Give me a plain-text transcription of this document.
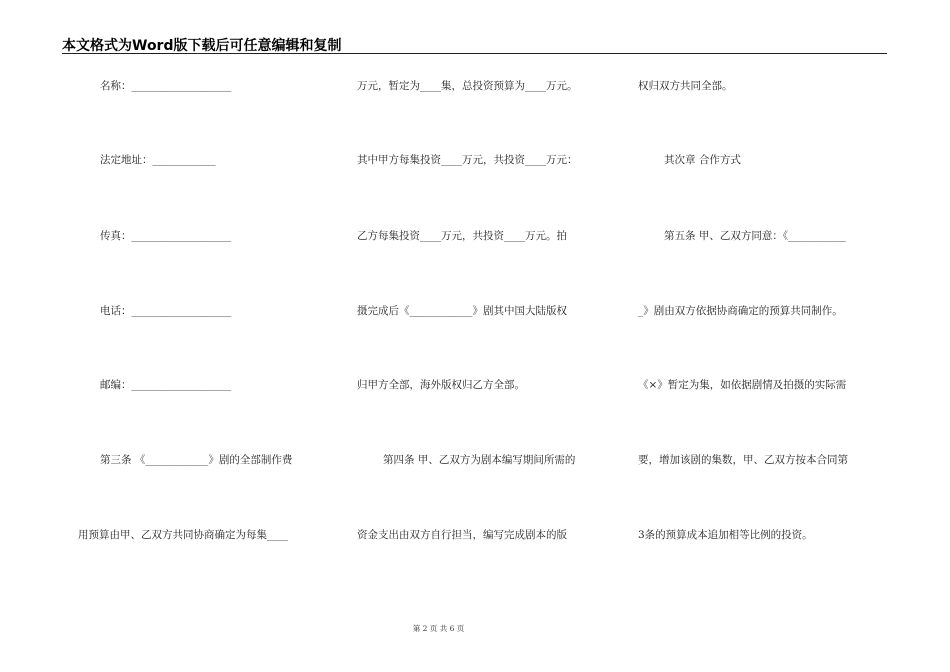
本文格式为Word版下载后可任意编辑和复制
名称：___________________
法定地址：____________
传真：___________________
电话：___________________
邮编：___________________
第三条 《____________》剧的全部制作费
用预算由甲、乙双方共同协商确定为每集____
万元，暂定为____集，总投资预算为____万元。
其中甲方每集投资____万元，共投资____万元：
乙方每集投资____万元，共投资____万元。拍
摄完成后《____________》剧其中国大陆版权
归甲方全部，海外版权归乙方全部。
第四条 甲、乙双方为剧本编写期间所需的
资金支出由双方自行担当，编写完成剧本的版
权归双方共同全部。
其次章 合作方式
第五条 甲、乙双方同意：《___________
_》剧由双方依据协商确定的预算共同制作。
《×》暂定为集，如依据剧情及拍摄的实际需
要，增加该剧的集数，甲、乙双方按本合同第
3条的预算成本追加相等比例的投资。
第 2 页 共 6 页
